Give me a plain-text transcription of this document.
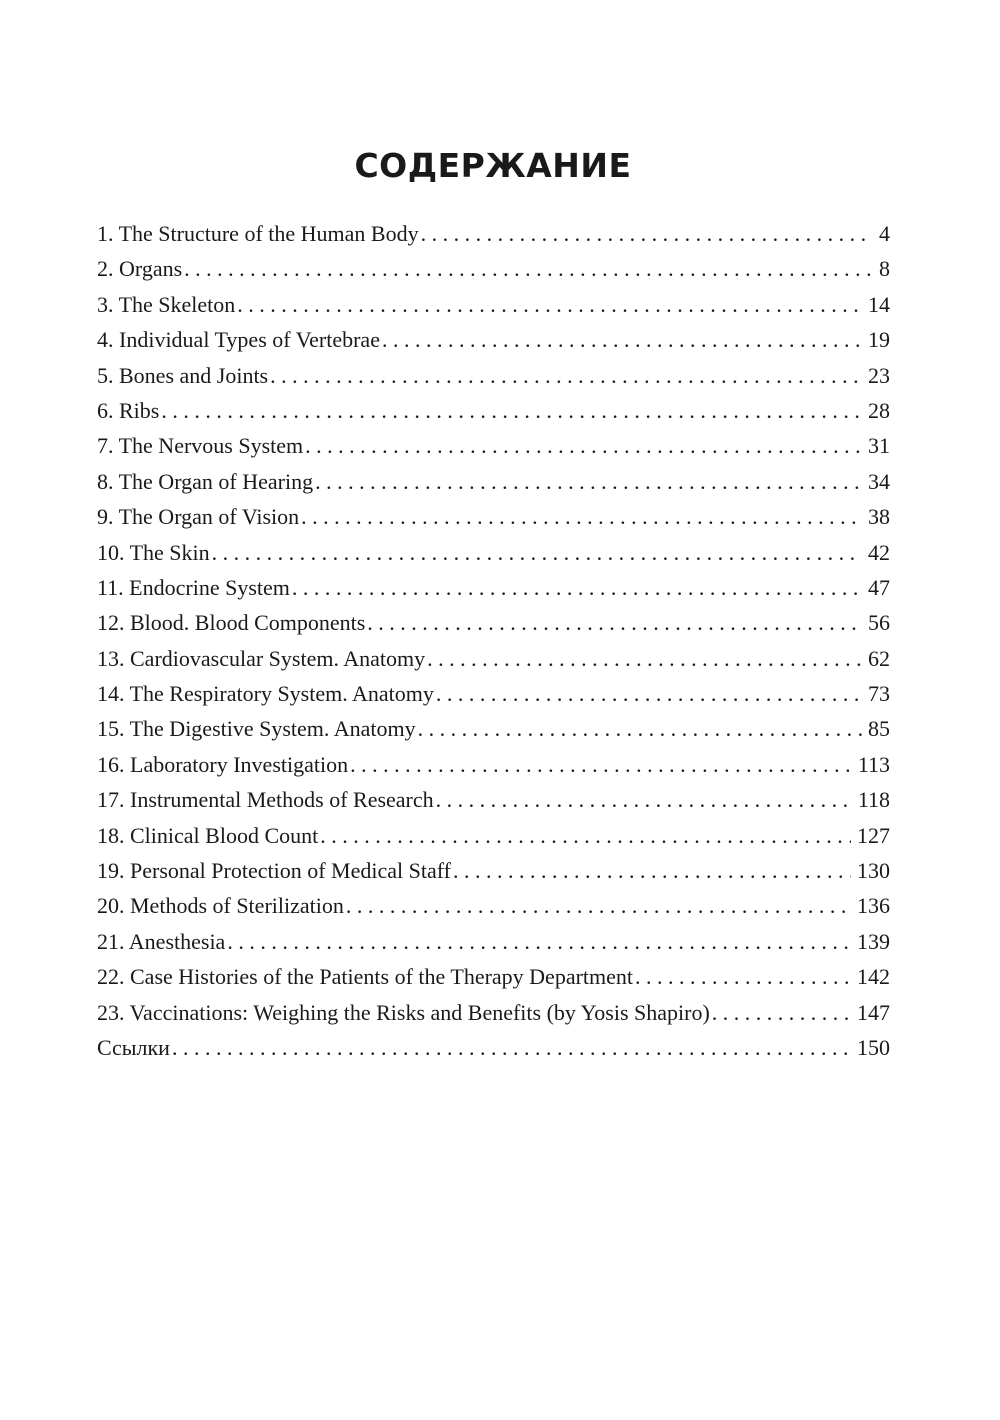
СОДЕРЖАНИЕ
1. The Structure of the Human Body . . .	4
2. Organs . . .	8
3. The Skeleton . . .	14
4. Individual Types of Vertebrae . . .	19
5. Bones and Joints . . .	23
6. Ribs . . .	28
7. The Nervous System . . .	31
8. The Organ of Hearing . . .	34
9. The Organ of Vision . . .	38
10. The Skin . . .	42
11. Endocrine System . . .	47
12. Blood. Blood Components . . .	56
13. Cardiovascular System. Anatomy . . .	62
14. The Respiratory System. Anatomy . . .	73
15. The Digestive System. Anatomy . . .	85
16. Laboratory Investigation . . .	113
17. Instrumental Methods of Research . . .	118
18. Clinical Blood Count . . .	127
19. Personal Protection of Medical Staff . . .	130
20. Methods of Sterilization . . .	136
21. Anesthesia . . .	139
22. Case Histories of the Patients of the Therapy Department . . .	142
23. Vaccinations: Weighing the Risks and Benefits (by Yosis Shapiro) . . .	147
Ссылки . . .	150
